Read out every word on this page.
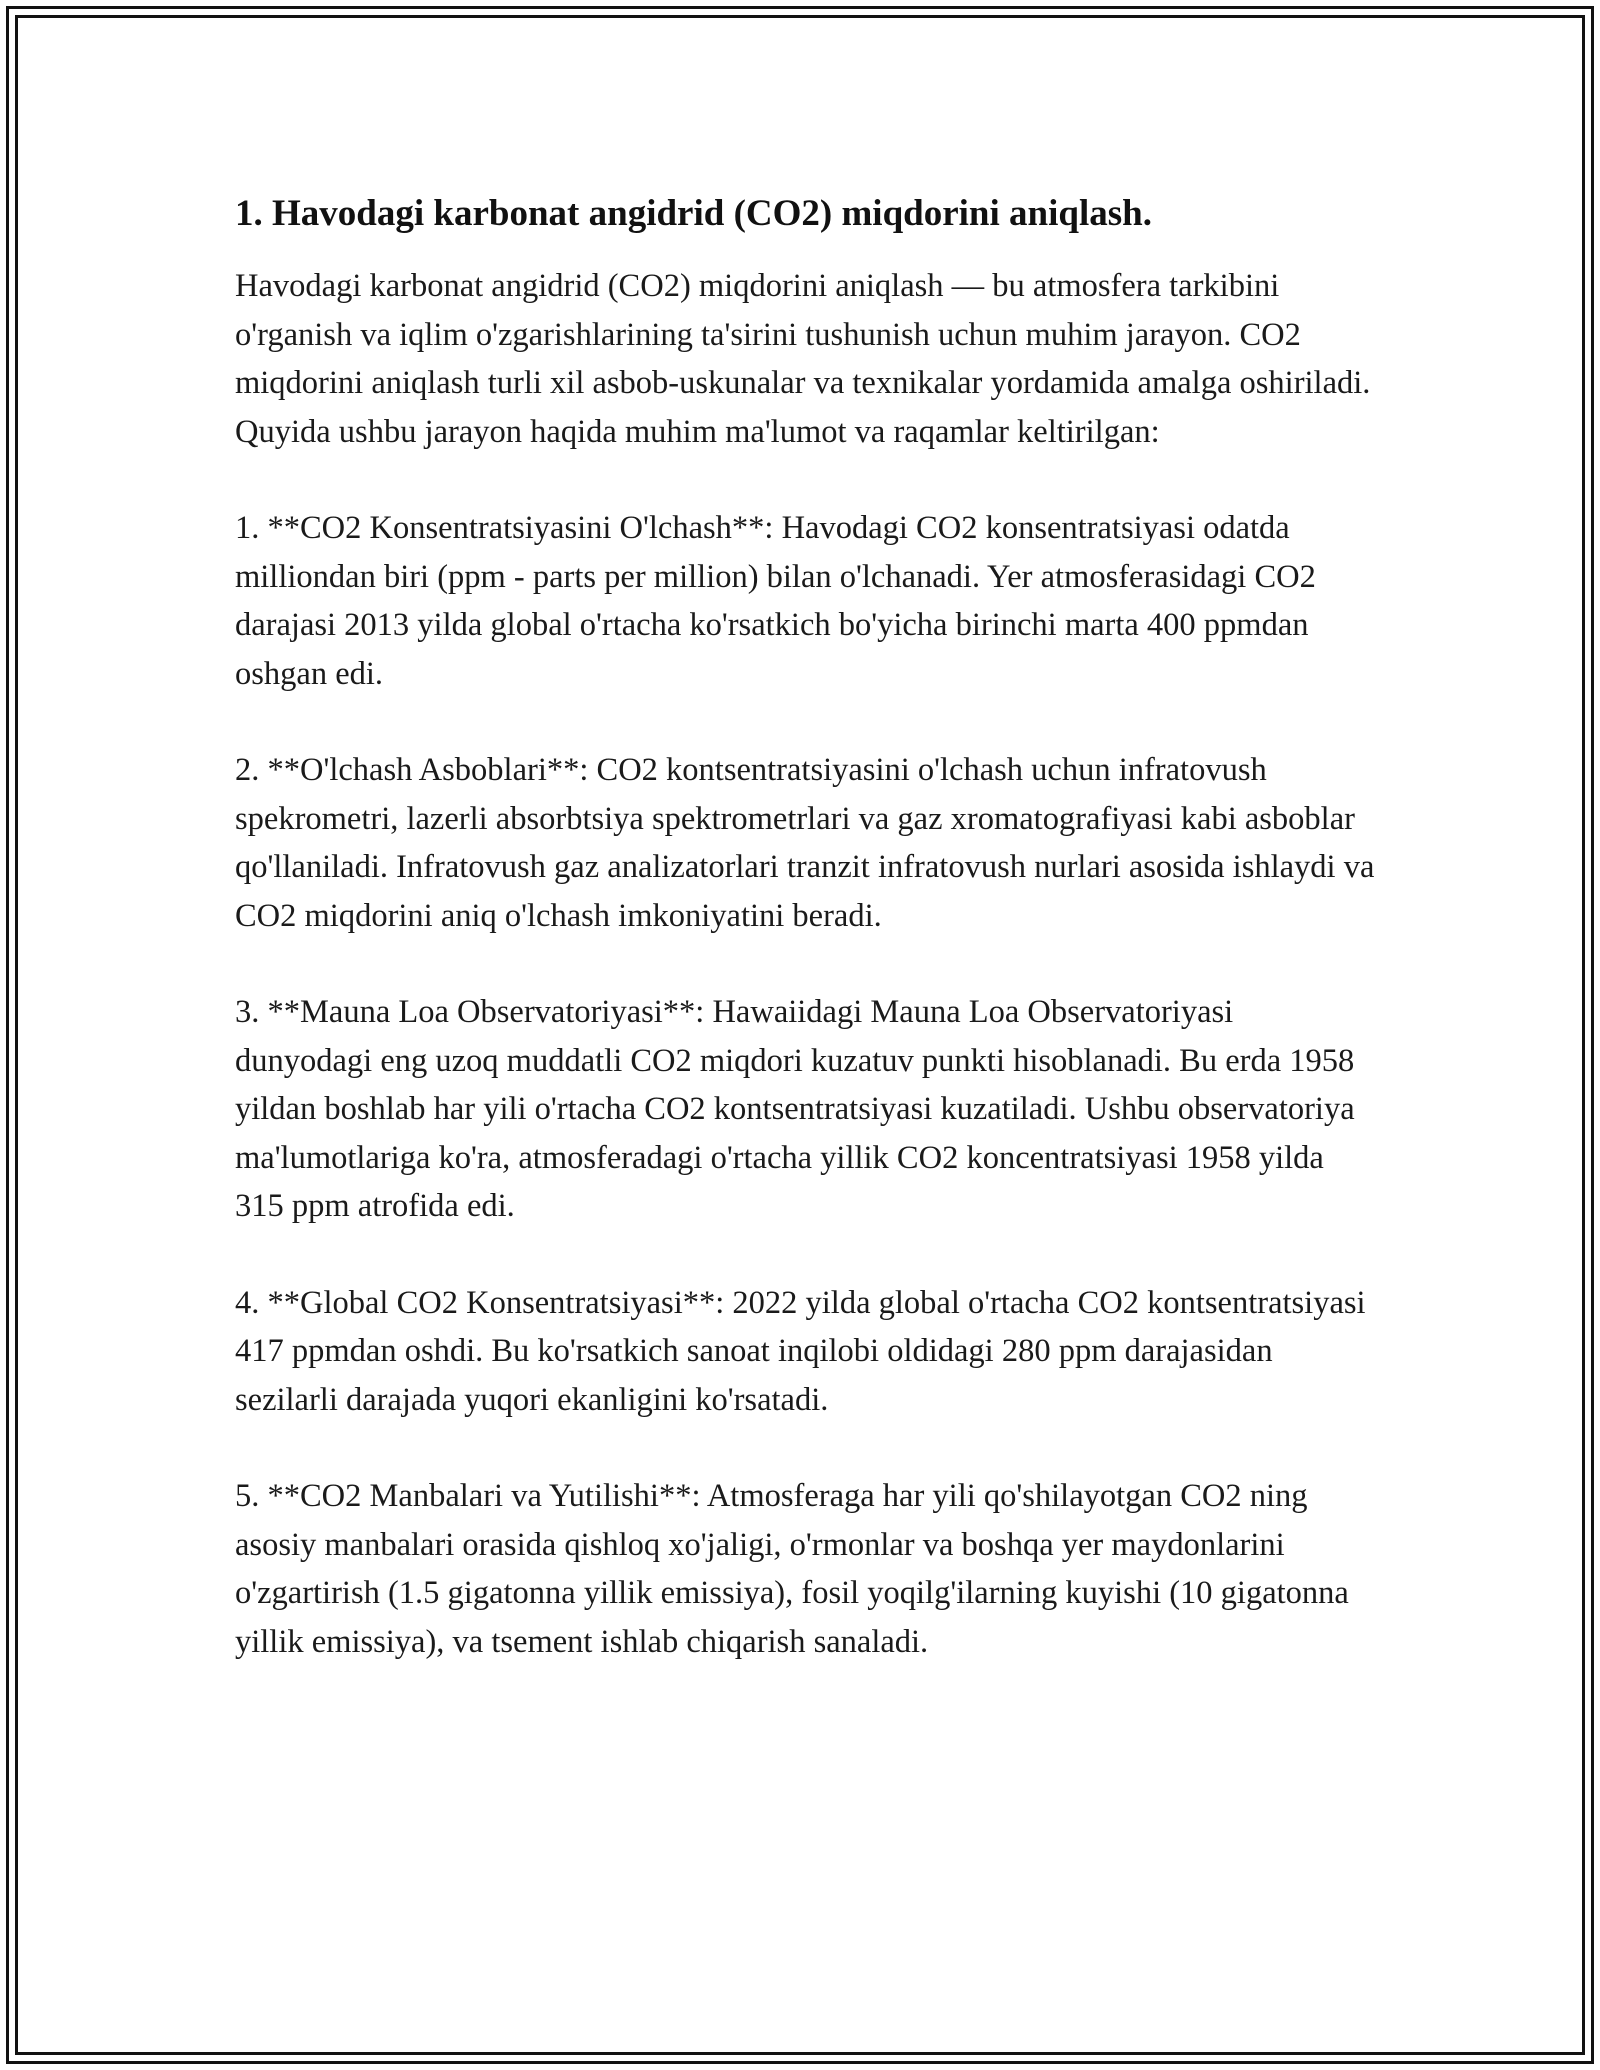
1. Havodagi karbonat angidrid (CO2) miqdorini aniqlash.

Havodagi karbonat angidrid (CO2) miqdorini aniqlash — bu atmosfera tarkibini o'rganish va iqlim o'zgarishlarining ta'sirini tushunish uchun muhim jarayon. CO2 miqdorini aniqlash turli xil asbob-uskunalar va texnikalar yordamida amalga oshiriladi. Quyida ushbu jarayon haqida muhim ma'lumot va raqamlar keltirilgan:

1. **CO2 Konsentratsiyasini O'lchash**: Havodagi CO2 konsentratsiyasi odatda milliondan biri (ppm - parts per million) bilan o'lchanadi. Yer atmosferasidagi CO2 darajasi 2013 yilda global o'rtacha ko'rsatkich bo'yicha birinchi marta 400 ppmdan oshgan edi.

2. **O'lchash Asboblari**: CO2 kontsentratsiyasini o'lchash uchun infratovush spekrometri, lazerli absorbtsiya spektrometrlari va gaz xromatografiyasi kabi asboblar qo'llaniladi. Infratovush gaz analizatorlari tranzit infratovush nurlari asosida ishlaydi va CO2 miqdorini aniq o'lchash imkoniyatini beradi.

3. **Mauna Loa Observatoriyasi**: Hawaiidagi Mauna Loa Observatoriyasi dunyodagi eng uzoq muddatli CO2 miqdori kuzatuv punkti hisoblanadi. Bu erda 1958 yildan boshlab har yili o'rtacha CO2 kontsentratsiyasi kuzatiladi. Ushbu observatoriya ma'lumotlariga ko'ra, atmosferadagi o'rtacha yillik CO2 koncentratsiyasi 1958 yilda 315 ppm atrofida edi.

4. **Global CO2 Konsentratsiyasi**: 2022 yilda global o'rtacha CO2 kontsentratsiyasi 417 ppmdan oshdi. Bu ko'rsatkich sanoat inqilobi oldidagi 280 ppm darajasidan sezilarli darajada yuqori ekanligini ko'rsatadi.

5. **CO2 Manbalari va Yutilishi**: Atmosferaga har yili qo'shilayotgan CO2 ning asosiy manbalari orasida qishloq xo'jaligi, o'rmonlar va boshqa yer maydonlarini o'zgartirish (1.5 gigatonna yillik emissiya), fosil yoqilg'ilarning kuyishi (10 gigatonna yillik emissiya), va tsement ishlab chiqarish sanaladi.
